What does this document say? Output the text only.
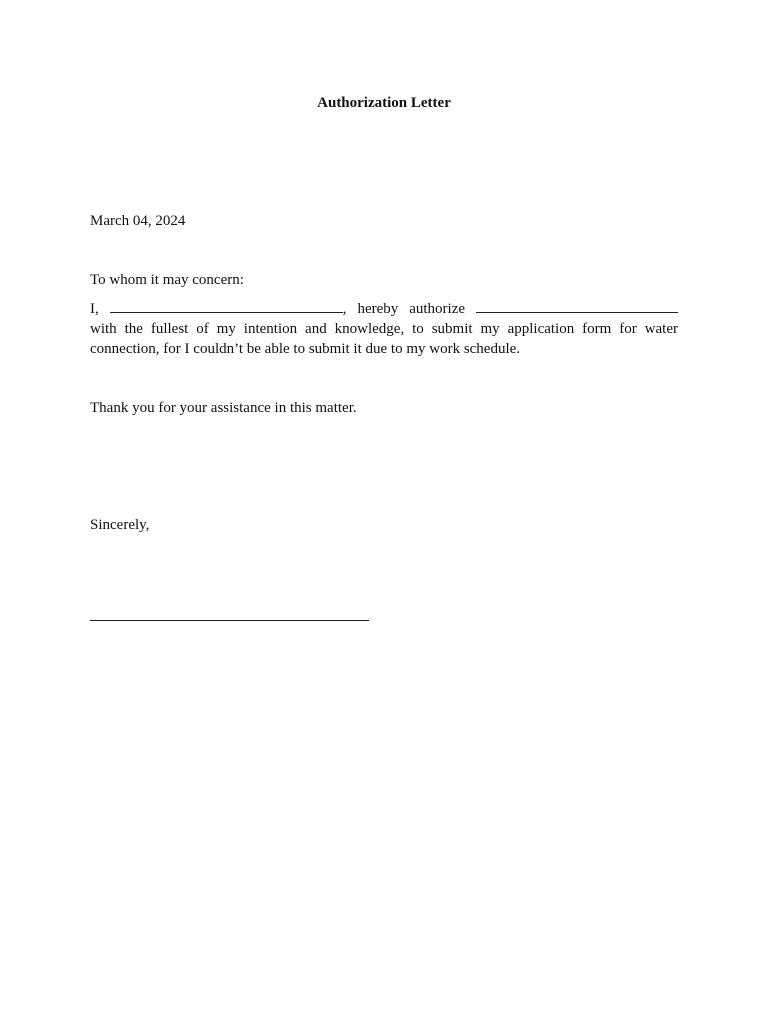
Authorization Letter
March 04, 2024
To whom it may concern:
I,	, hereby authorize
with the fullest of my intention and knowledge, to submit my application form for water
connection, for I couldn’t be able to submit it due to my work schedule.
Thank you for your assistance in this matter.
Sincerely,
